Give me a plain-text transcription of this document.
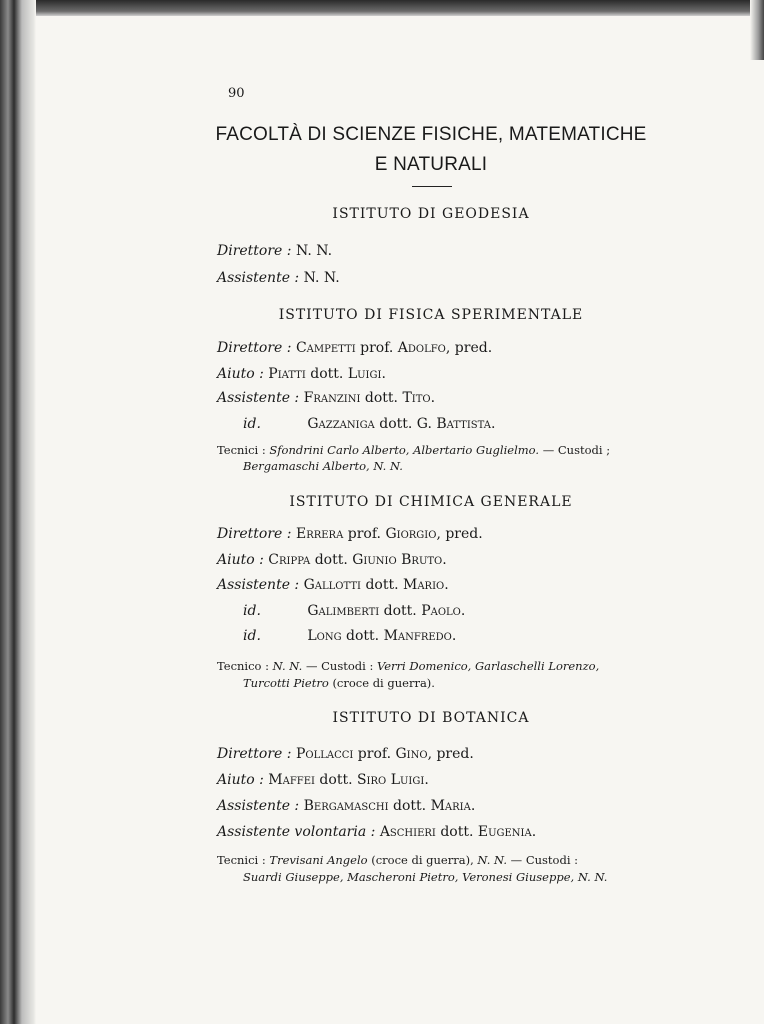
90
FACOLTÀ DI SCIENZE FISICHE, MATEMATICHE
E NATURALI
ISTITUTO DI GEODESIA
Direttore : N. N.
Assistente : N. N.
ISTITUTO DI FISICA SPERIMENTALE
Direttore : Campetti prof. Adolfo, pred.
Aiuto : Piatti dott. Luigi.
Assistente : Franzini dott. Tito.
id.	Gazzaniga dott. G. Battista.
Tecnici : Sfondrini Carlo Alberto, Albertario Guglielmo. — Custodi ;
Bergamaschi Alberto, N. N.
ISTITUTO DI CHIMICA GENERALE
Direttore : Errera prof. Giorgio, pred.
Aiuto : Crippa dott. Giunio Bruto.
Assistente : Gallotti dott. Mario.
id.	Galimberti dott. Paolo.
id.	Long dott. Manfredo.
Tecnico : N. N. — Custodi : Verri Domenico, Garlaschelli Lorenzo,
Turcotti Pietro (croce di guerra).
ISTITUTO DI BOTANICA
Direttore : Pollacci prof. Gino, pred.
Aiuto : Maffei dott. Siro Luigi.
Assistente : Bergamaschi dott. Maria.
Assistente volontaria : Aschieri dott. Eugenia.
Tecnici : Trevisani Angelo (croce di guerra), N. N. — Custodi :
Suardi Giuseppe, Mascheroni Pietro, Veronesi Giuseppe, N. N.
